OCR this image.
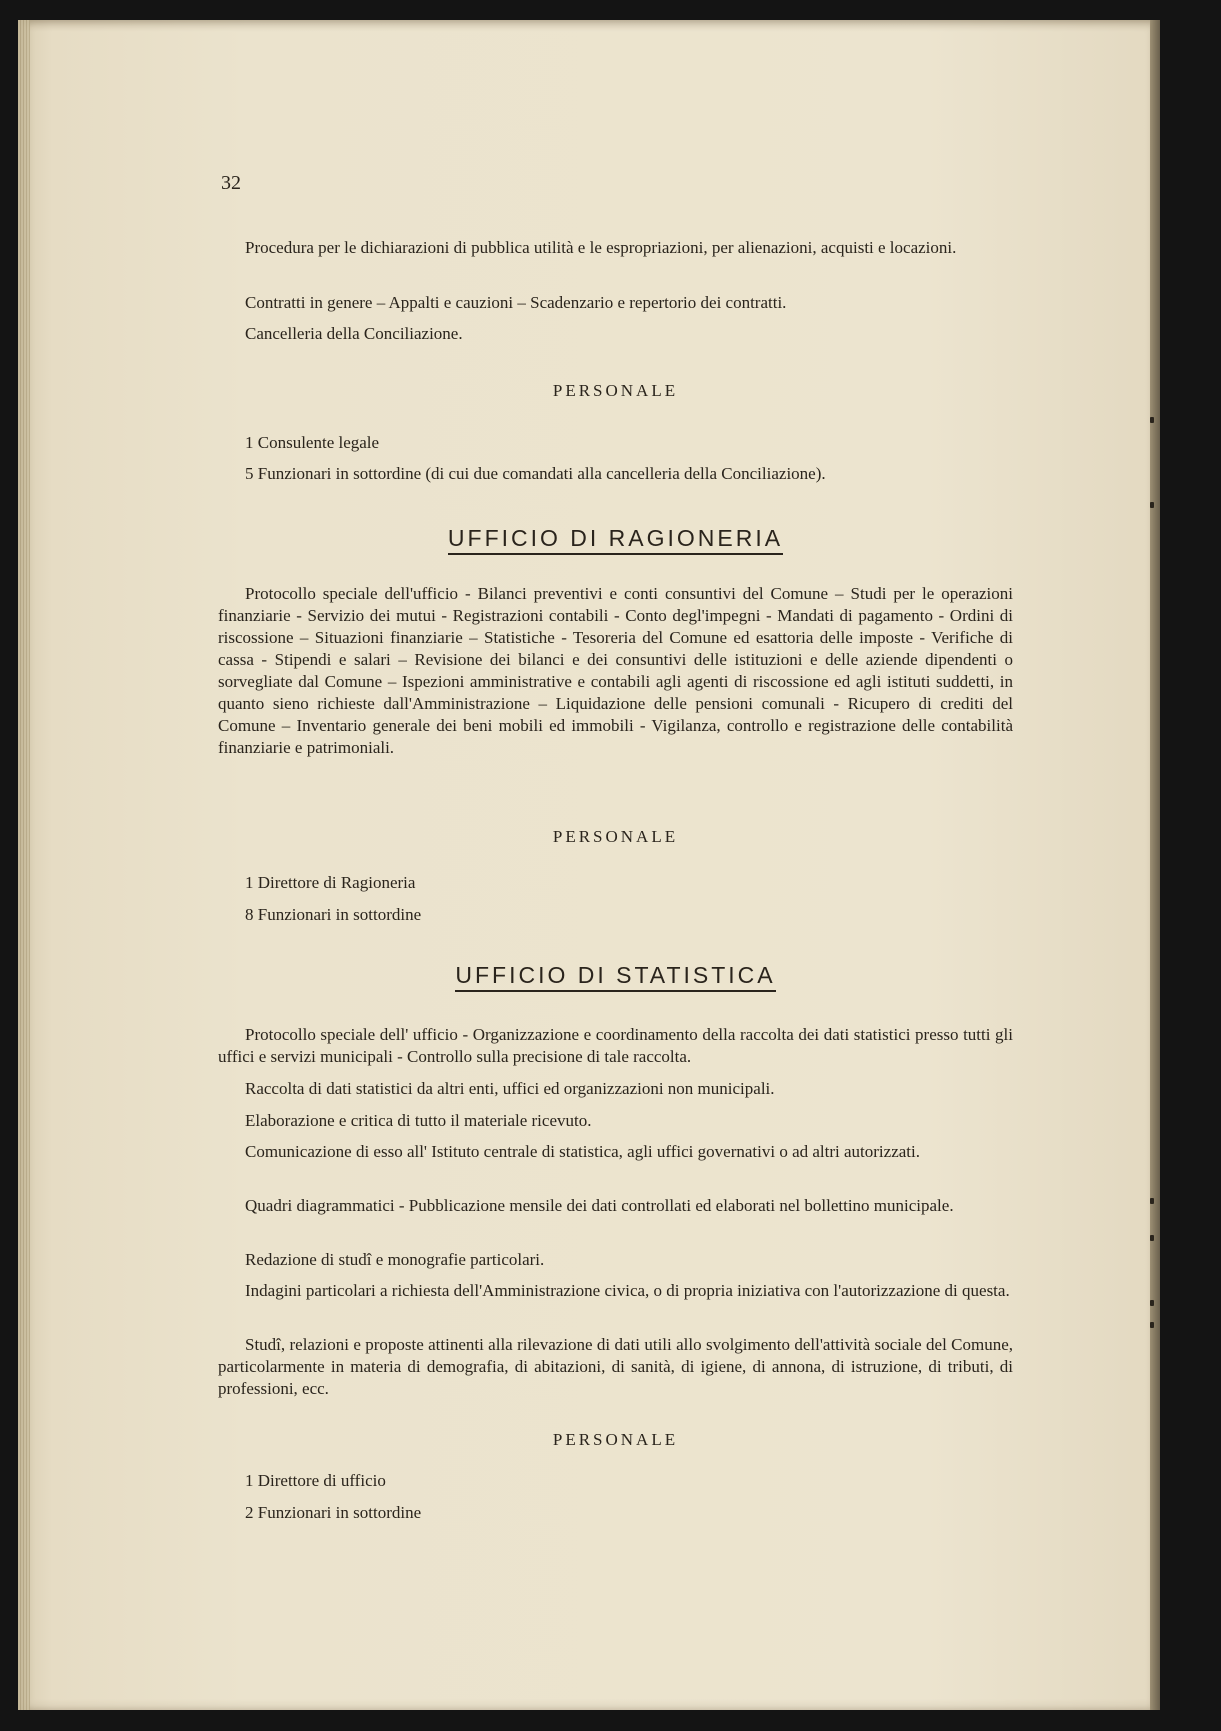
32

Procedura per le dichiarazioni di pubblica utilità e le espropriazioni, per alienazioni, acquisti e locazioni.

Contratti in genere – Appalti e cauzioni – Scadenzario e repertorio dei contratti.

Cancelleria della Conciliazione.

PERSONALE

1 Consulente legale

5 Funzionari in sottordine (di cui due comandati alla cancelleria della Conciliazione).

UFFICIO DI RAGIONERIA

Protocollo speciale dell'ufficio - Bilanci preventivi e conti consuntivi del Comune – Studi per le operazioni finanziarie - Servizio dei mutui - Registrazioni contabili - Conto degl'impegni - Mandati di pagamento - Ordini di riscossione – Situazioni finanziarie – Statistiche - Tesoreria del Comune ed esattoria delle imposte - Verifiche di cassa - Stipendi e salari – Revisione dei bilanci e dei consuntivi delle istituzioni e delle aziende dipendenti o sorvegliate dal Comune – Ispezioni amministrative e contabili agli agenti di riscossione ed agli istituti suddetti, in quanto sieno richieste dall'Amministrazione – Liquidazione delle pensioni comunali - Ricupero di crediti del Comune – Inventario generale dei beni mobili ed immobili - Vigilanza, controllo e registrazione delle contabilità finanziarie e patrimoniali.

PERSONALE

1 Direttore di Ragioneria

8 Funzionari in sottordine

UFFICIO DI STATISTICA

Protocollo speciale dell' ufficio - Organizzazione e coordinamento della raccolta dei dati statistici presso tutti gli uffici e servizi municipali - Controllo sulla precisione di tale raccolta.

Raccolta di dati statistici da altri enti, uffici ed organizzazioni non municipali.

Elaborazione e critica di tutto il materiale ricevuto.

Comunicazione di esso all' Istituto centrale di statistica, agli uffici governativi o ad altri autorizzati.

Quadri diagrammatici - Pubblicazione mensile dei dati controllati ed elaborati nel bollettino municipale.

Redazione di studî e monografie particolari.

Indagini particolari a richiesta dell'Amministrazione civica, o di propria iniziativa con l'autorizzazione di questa.

Studî, relazioni e proposte attinenti alla rilevazione di dati utili allo svolgimento dell'attività sociale del Comune, particolarmente in materia di demografia, di abitazioni, di sanità, di igiene, di annona, di istruzione, di tributi, di professioni, ecc.

PERSONALE

1 Direttore di ufficio

2 Funzionari in sottordine
